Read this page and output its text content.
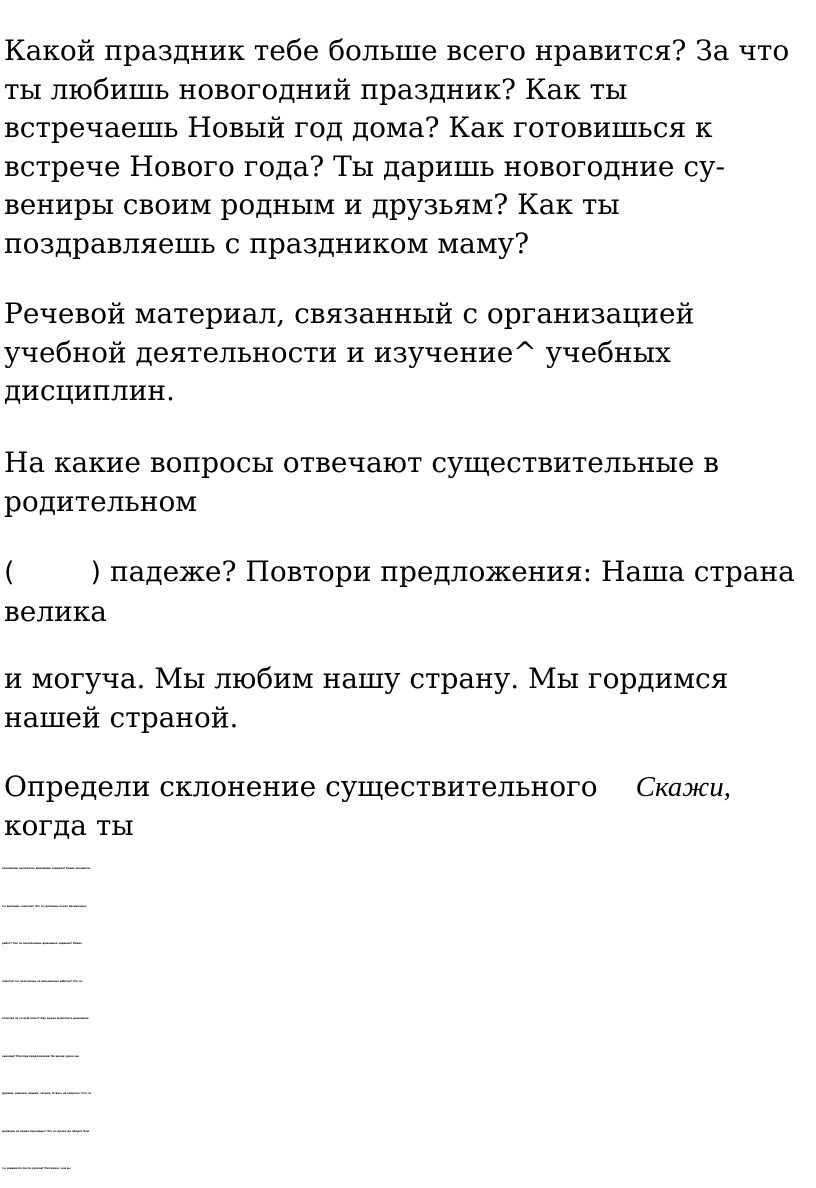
Какой праздник тебе больше всего нравится? За что
ты любишь новогодний праздник? Как ты
встречаешь Новый год дома? Как готовишься к
встрече Нового года? Ты даришь новогодние су-
вениры своим родным и друзьям? Как ты
поздравляешь с праздником маму?

Речевой материал, связанный с организацией
учебной деятельности и изучение^ учебных
дисциплин.

На какие вопросы отвечают существительные в
родительном

(	) падеже? Повтори предложения: Наша страна
велика

и могуча. Мы любим нашу страну. Мы гордимся
нашей страной.

Определи склонение существительного Скажи,
когда ты

начинаешь выполнять домашние задания? Какие предметы
ты делаешь сначала? Что ты делаешь после письменных
работ? Гак ты выполняешь домашнее задание? Какие
отметки ты' получаешь за письменные работы? Что ты
получил за устный ответ? Как нужно выполнять домашние
задания? Повтори предложения: Во время урока мы
думаем, решаем, пишем, читаем, Ответь на вопросы: Что ты
делаешь во время перемены? Что ты делал до обеда? Чем
ты занимался после уроков? Расскажи, чем вы
